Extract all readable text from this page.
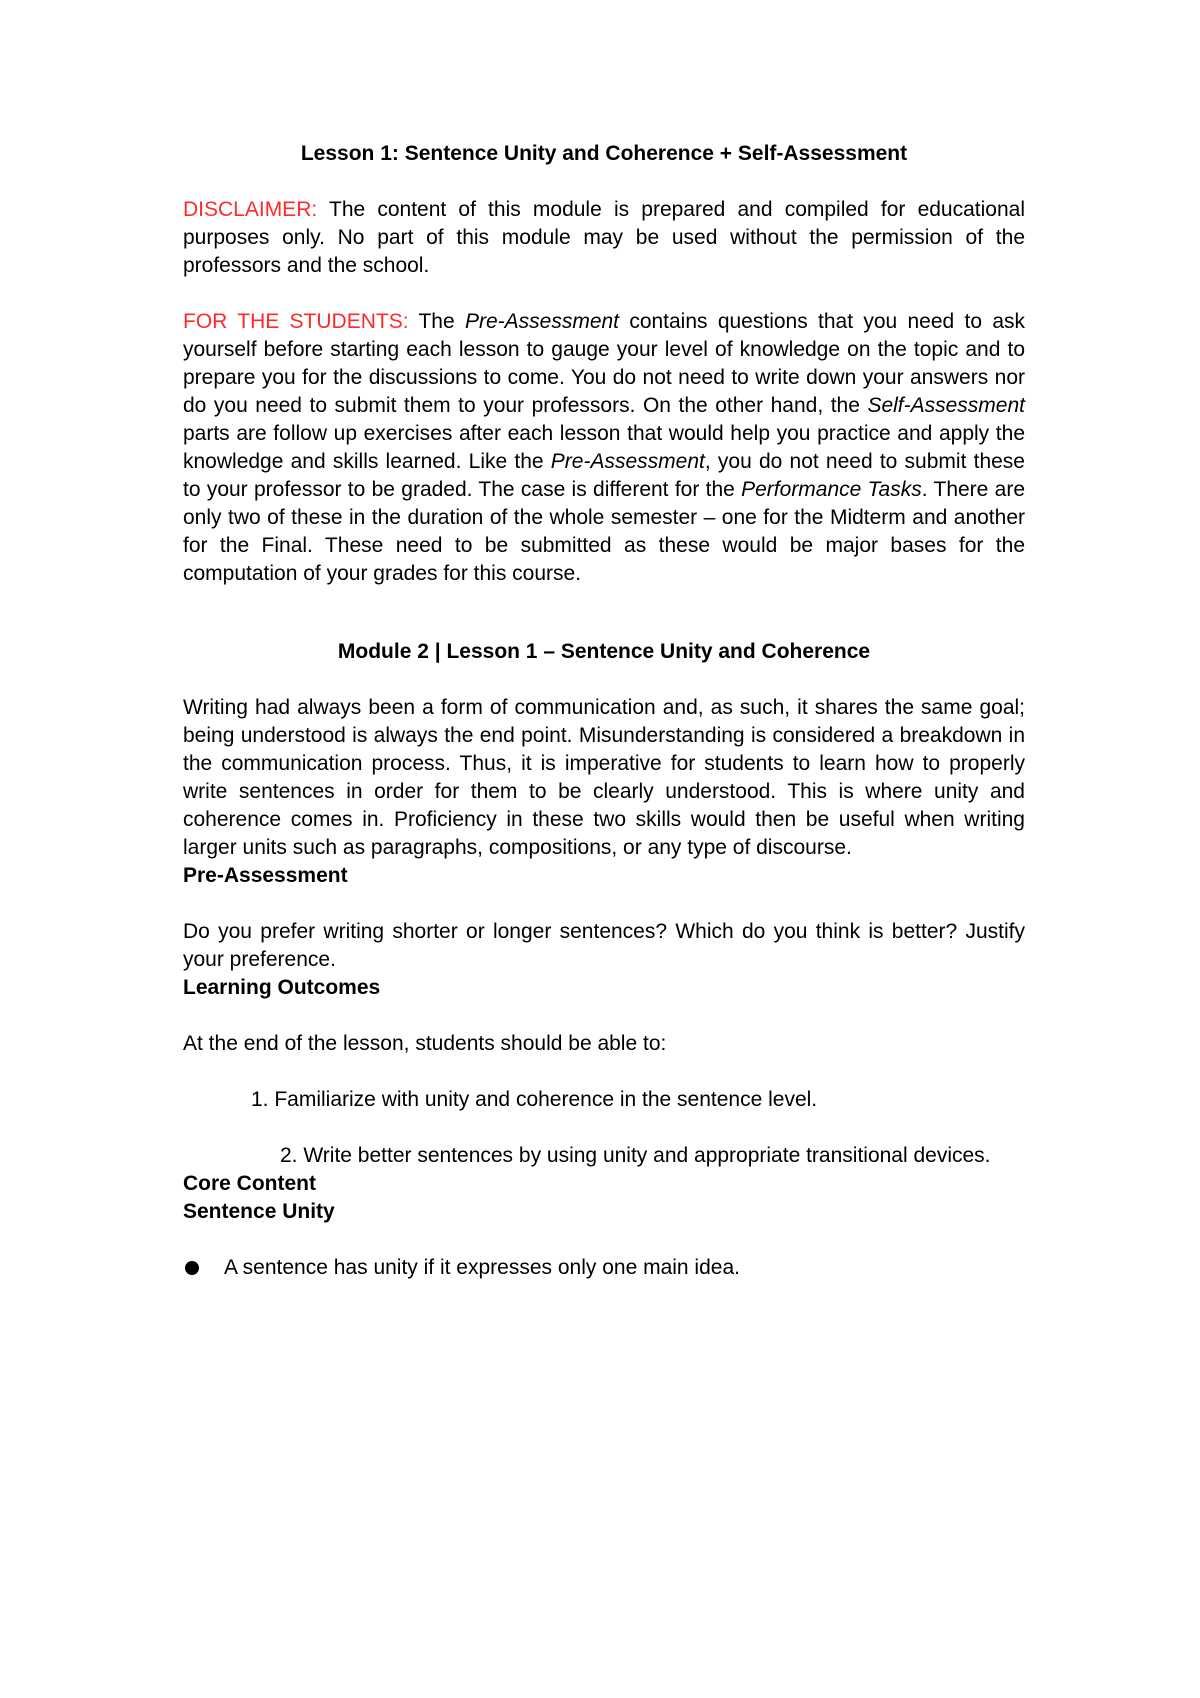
Lesson 1: Sentence Unity and Coherence + Self-Assessment

DISCLAIMER: The content of this module is prepared and compiled for educational purposes only. No part of this module may be used without the permission of the professors and the school.

FOR THE STUDENTS: The Pre-Assessment contains questions that you need to ask yourself before starting each lesson to gauge your level of knowledge on the topic and to prepare you for the discussions to come. You do not need to write down your answers nor do you need to submit them to your professors. On the other hand, the Self-Assessment parts are follow up exercises after each lesson that would help you practice and apply the knowledge and skills learned. Like the Pre-Assessment, you do not need to submit these to your professor to be graded. The case is different for the Performance Tasks. There are only two of these in the duration of the whole semester – one for the Midterm and another for the Final. These need to be submitted as these would be major bases for the computation of your grades for this course.

Module 2 | Lesson 1 – Sentence Unity and Coherence

Writing had always been a form of communication and, as such, it shares the same goal; being understood is always the end point. Misunderstanding is considered a breakdown in the communication process. Thus, it is imperative for students to learn how to properly write sentences in order for them to be clearly understood. This is where unity and coherence comes in. Proficiency in these two skills would then be useful when writing larger units such as paragraphs, compositions, or any type of discourse.

Pre-Assessment

Do you prefer writing shorter or longer sentences? Which do you think is better? Justify your preference.

Learning Outcomes

At the end of the lesson, students should be able to:

1. Familiarize with unity and coherence in the sentence level.

2. Write better sentences by using unity and appropriate transitional devices.

Core Content

Sentence Unity

A sentence has unity if it expresses only one main idea.
